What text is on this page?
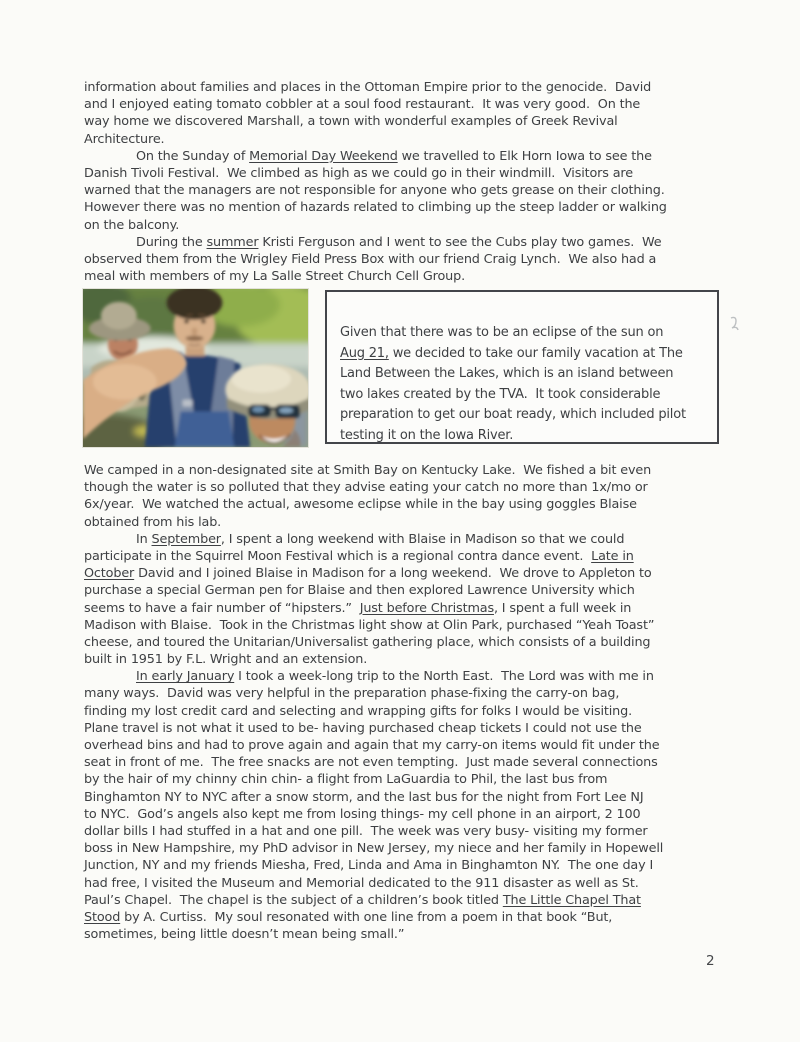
information about families and places in the Ottoman Empire prior to the genocide.  David
and I enjoyed eating tomato cobbler at a soul food restaurant.  It was very good.  On the
way home we discovered Marshall, a town with wonderful examples of Greek Revival
Architecture.
On the Sunday of Memorial Day Weekend we travelled to Elk Horn Iowa to see the
Danish Tivoli Festival.  We climbed as high as we could go in their windmill.  Visitors are
warned that the managers are not responsible for anyone who gets grease on their clothing.
However there was no mention of hazards related to climbing up the steep ladder or walking
on the balcony.
During the summer Kristi Ferguson and I went to see the Cubs play two games.  We
observed them from the Wrigley Field Press Box with our friend Craig Lynch.  We also had a
meal with members of my La Salle Street Church Cell Group.
Given that there was to be an eclipse of the sun on
Aug 21, we decided to take our family vacation at The
Land Between the Lakes, which is an island between
two lakes created by the TVA.  It took considerable
preparation to get our boat ready, which included pilot
testing it on the Iowa River.
We camped in a non-designated site at Smith Bay on Kentucky Lake.  We fished a bit even
though the water is so polluted that they advise eating your catch no more than 1x/mo or
6x/year.  We watched the actual, awesome eclipse while in the bay using goggles Blaise
obtained from his lab.
In September, I spent a long weekend with Blaise in Madison so that we could
participate in the Squirrel Moon Festival which is a regional contra dance event.  Late in
October David and I joined Blaise in Madison for a long weekend.  We drove to Appleton to
purchase a special German pen for Blaise and then explored Lawrence University which
seems to have a fair number of “hipsters.”  Just before Christmas, I spent a full week in
Madison with Blaise.  Took in the Christmas light show at Olin Park, purchased “Yeah Toast”
cheese, and toured the Unitarian/Universalist gathering place, which consists of a building
built in 1951 by F.L. Wright and an extension.
In early January I took a week-long trip to the North East.  The Lord was with me in
many ways.  David was very helpful in the preparation phase-fixing the carry-on bag,
finding my lost credit card and selecting and wrapping gifts for folks I would be visiting.
Plane travel is not what it used to be- having purchased cheap tickets I could not use the
overhead bins and had to prove again and again that my carry-on items would fit under the
seat in front of me.  The free snacks are not even tempting.  Just made several connections
by the hair of my chinny chin chin- a flight from LaGuardia to Phil, the last bus from
Binghamton NY to NYC after a snow storm, and the last bus for the night from Fort Lee NJ
to NYC.  God’s angels also kept me from losing things- my cell phone in an airport, 2 100
dollar bills I had stuffed in a hat and one pill.  The week was very busy- visiting my former
boss in New Hampshire, my PhD advisor in New Jersey, my niece and her family in Hopewell
Junction, NY and my friends Miesha, Fred, Linda and Ama in Binghamton NY.  The one day I
had free, I visited the Museum and Memorial dedicated to the 911 disaster as well as St.
Paul’s Chapel.  The chapel is the subject of a children’s book titled The Little Chapel That
Stood by A. Curtiss.  My soul resonated with one line from a poem in that book “But,
sometimes, being little doesn’t mean being small.”
2
